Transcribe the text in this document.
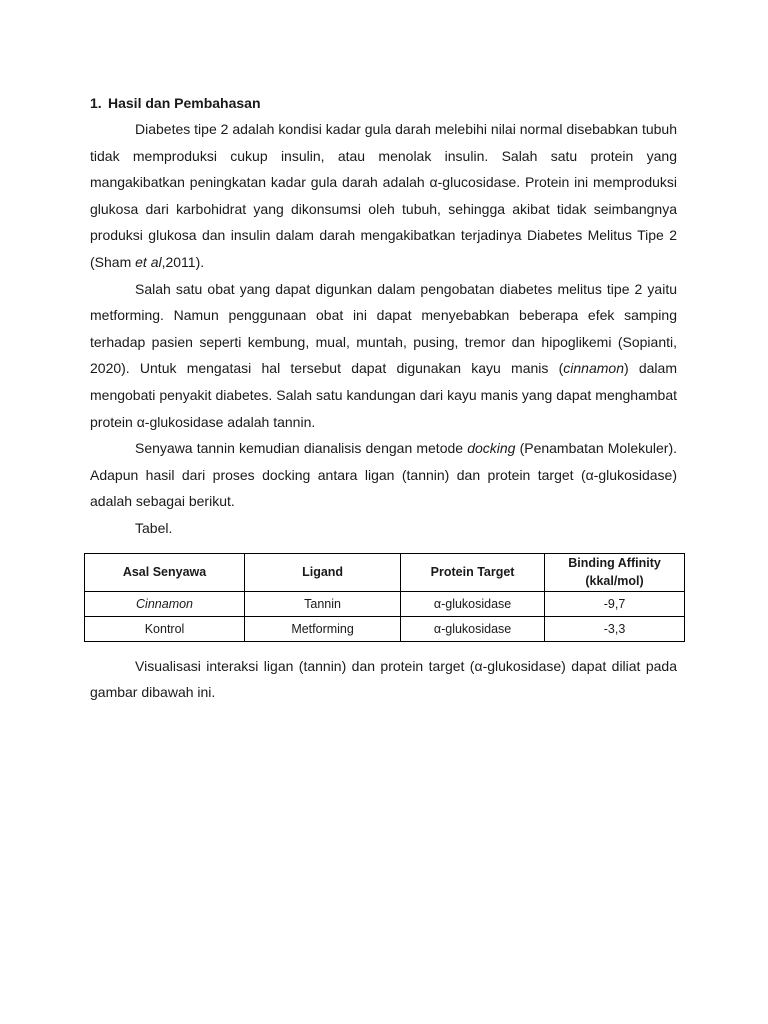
1. Hasil dan Pembahasan

Diabetes tipe 2 adalah kondisi kadar gula darah melebihi nilai normal disebabkan tubuh tidak memproduksi cukup insulin, atau menolak insulin. Salah satu protein yang mangakibatkan peningkatan kadar gula darah adalah α-glucosidase. Protein ini memproduksi glukosa dari karbohidrat yang dikonsumsi oleh tubuh, sehingga akibat tidak seimbangnya produksi glukosa dan insulin dalam darah mengakibatkan terjadinya Diabetes Melitus Tipe 2 (Sham et al,2011).

Salah satu obat yang dapat digunkan dalam pengobatan diabetes melitus tipe 2 yaitu metforming. Namun penggunaan obat ini dapat menyebabkan beberapa efek samping terhadap pasien seperti kembung, mual, muntah, pusing, tremor dan hipoglikemi (Sopianti, 2020). Untuk mengatasi hal tersebut dapat digunakan kayu manis (cinnamon) dalam mengobati penyakit diabetes. Salah satu kandungan dari kayu manis yang dapat menghambat protein α-glukosidase adalah tannin.

Senyawa tannin kemudian dianalisis dengan metode docking (Penambatan Molekuler). Adapun hasil dari proses docking antara ligan (tannin) dan protein target (α-glukosidase) adalah sebagai berikut.

Tabel.

Asal Senyawa	Ligand	Protein Target	Binding Affinity
(kkal/mol)
Cinnamon	Tannin	α-glukosidase	-9,7
Kontrol	Metforming	α-glukosidase	-3,3

Visualisasi interaksi ligan (tannin) dan protein target (α-glukosidase) dapat diliat pada gambar dibawah ini.
